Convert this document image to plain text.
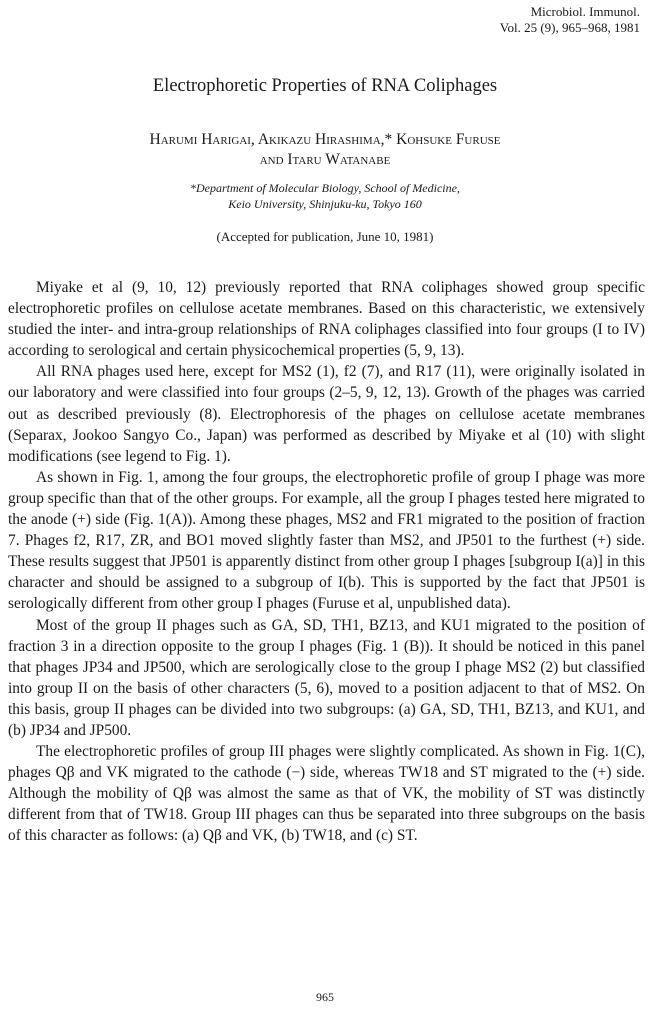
Microbiol. Immunol.
Vol. 25 (9), 965–968, 1981
Electrophoretic Properties of RNA Coliphages
Harumi Harigai, Akikazu Hirashima,* Kohsuke Furuse
and Itaru Watanabe
*Department of Molecular Biology, School of Medicine,
Keio University, Shinjuku-ku, Tokyo 160
(Accepted for publication, June 10, 1981)

Miyake et al (9, 10, 12) previously reported that RNA coliphages showed group specific electrophoretic profiles on cellulose acetate membranes. Based on this characteristic, we extensively studied the inter- and intra-group relationships of RNA coliphages classified into four groups (I to IV) according to serological and certain physicochemical properties (5, 9, 13).

All RNA phages used here, except for MS2 (1), f2 (7), and R17 (11), were originally isolated in our laboratory and were classified into four groups (2–5, 9, 12, 13). Growth of the phages was carried out as described previously (8). Electrophoresis of the phages on cellulose acetate membranes (Separax, Jookoo Sangyo Co., Japan) was performed as described by Miyake et al (10) with slight modifications (see legend to Fig. 1).

As shown in Fig. 1, among the four groups, the electrophoretic profile of group I phage was more group specific than that of the other groups. For example, all the group I phages tested here migrated to the anode (+) side (Fig. 1(A)). Among these phages, MS2 and FR1 migrated to the position of fraction 7. Phages f2, R17, ZR, and BO1 moved slightly faster than MS2, and JP501 to the furthest (+) side. These results suggest that JP501 is apparently distinct from other group I phages [subgroup I(a)] in this character and should be assigned to a subgroup of I(b). This is supported by the fact that JP501 is serologically different from other group I phages (Furuse et al, unpublished data).

Most of the group II phages such as GA, SD, TH1, BZ13, and KU1 migrated to the position of fraction 3 in a direction opposite to the group I phages (Fig. 1 (B)). It should be noticed in this panel that phages JP34 and JP500, which are serologically close to the group I phage MS2 (2) but classified into group II on the basis of other characters (5, 6), moved to a position adjacent to that of MS2. On this basis, group II phages can be divided into two subgroups: (a) GA, SD, TH1, BZ13, and KU1, and (b) JP34 and JP500.

The electrophoretic profiles of group III phages were slightly complicated. As shown in Fig. 1(C), phages Qβ and VK migrated to the cathode (−) side, whereas TW18 and ST migrated to the (+) side. Although the mobility of Qβ was almost the same as that of VK, the mobility of ST was distinctly different from that of TW18. Group III phages can thus be separated into three subgroups on the basis of this character as follows: (a) Qβ and VK, (b) TW18, and (c) ST.

965
